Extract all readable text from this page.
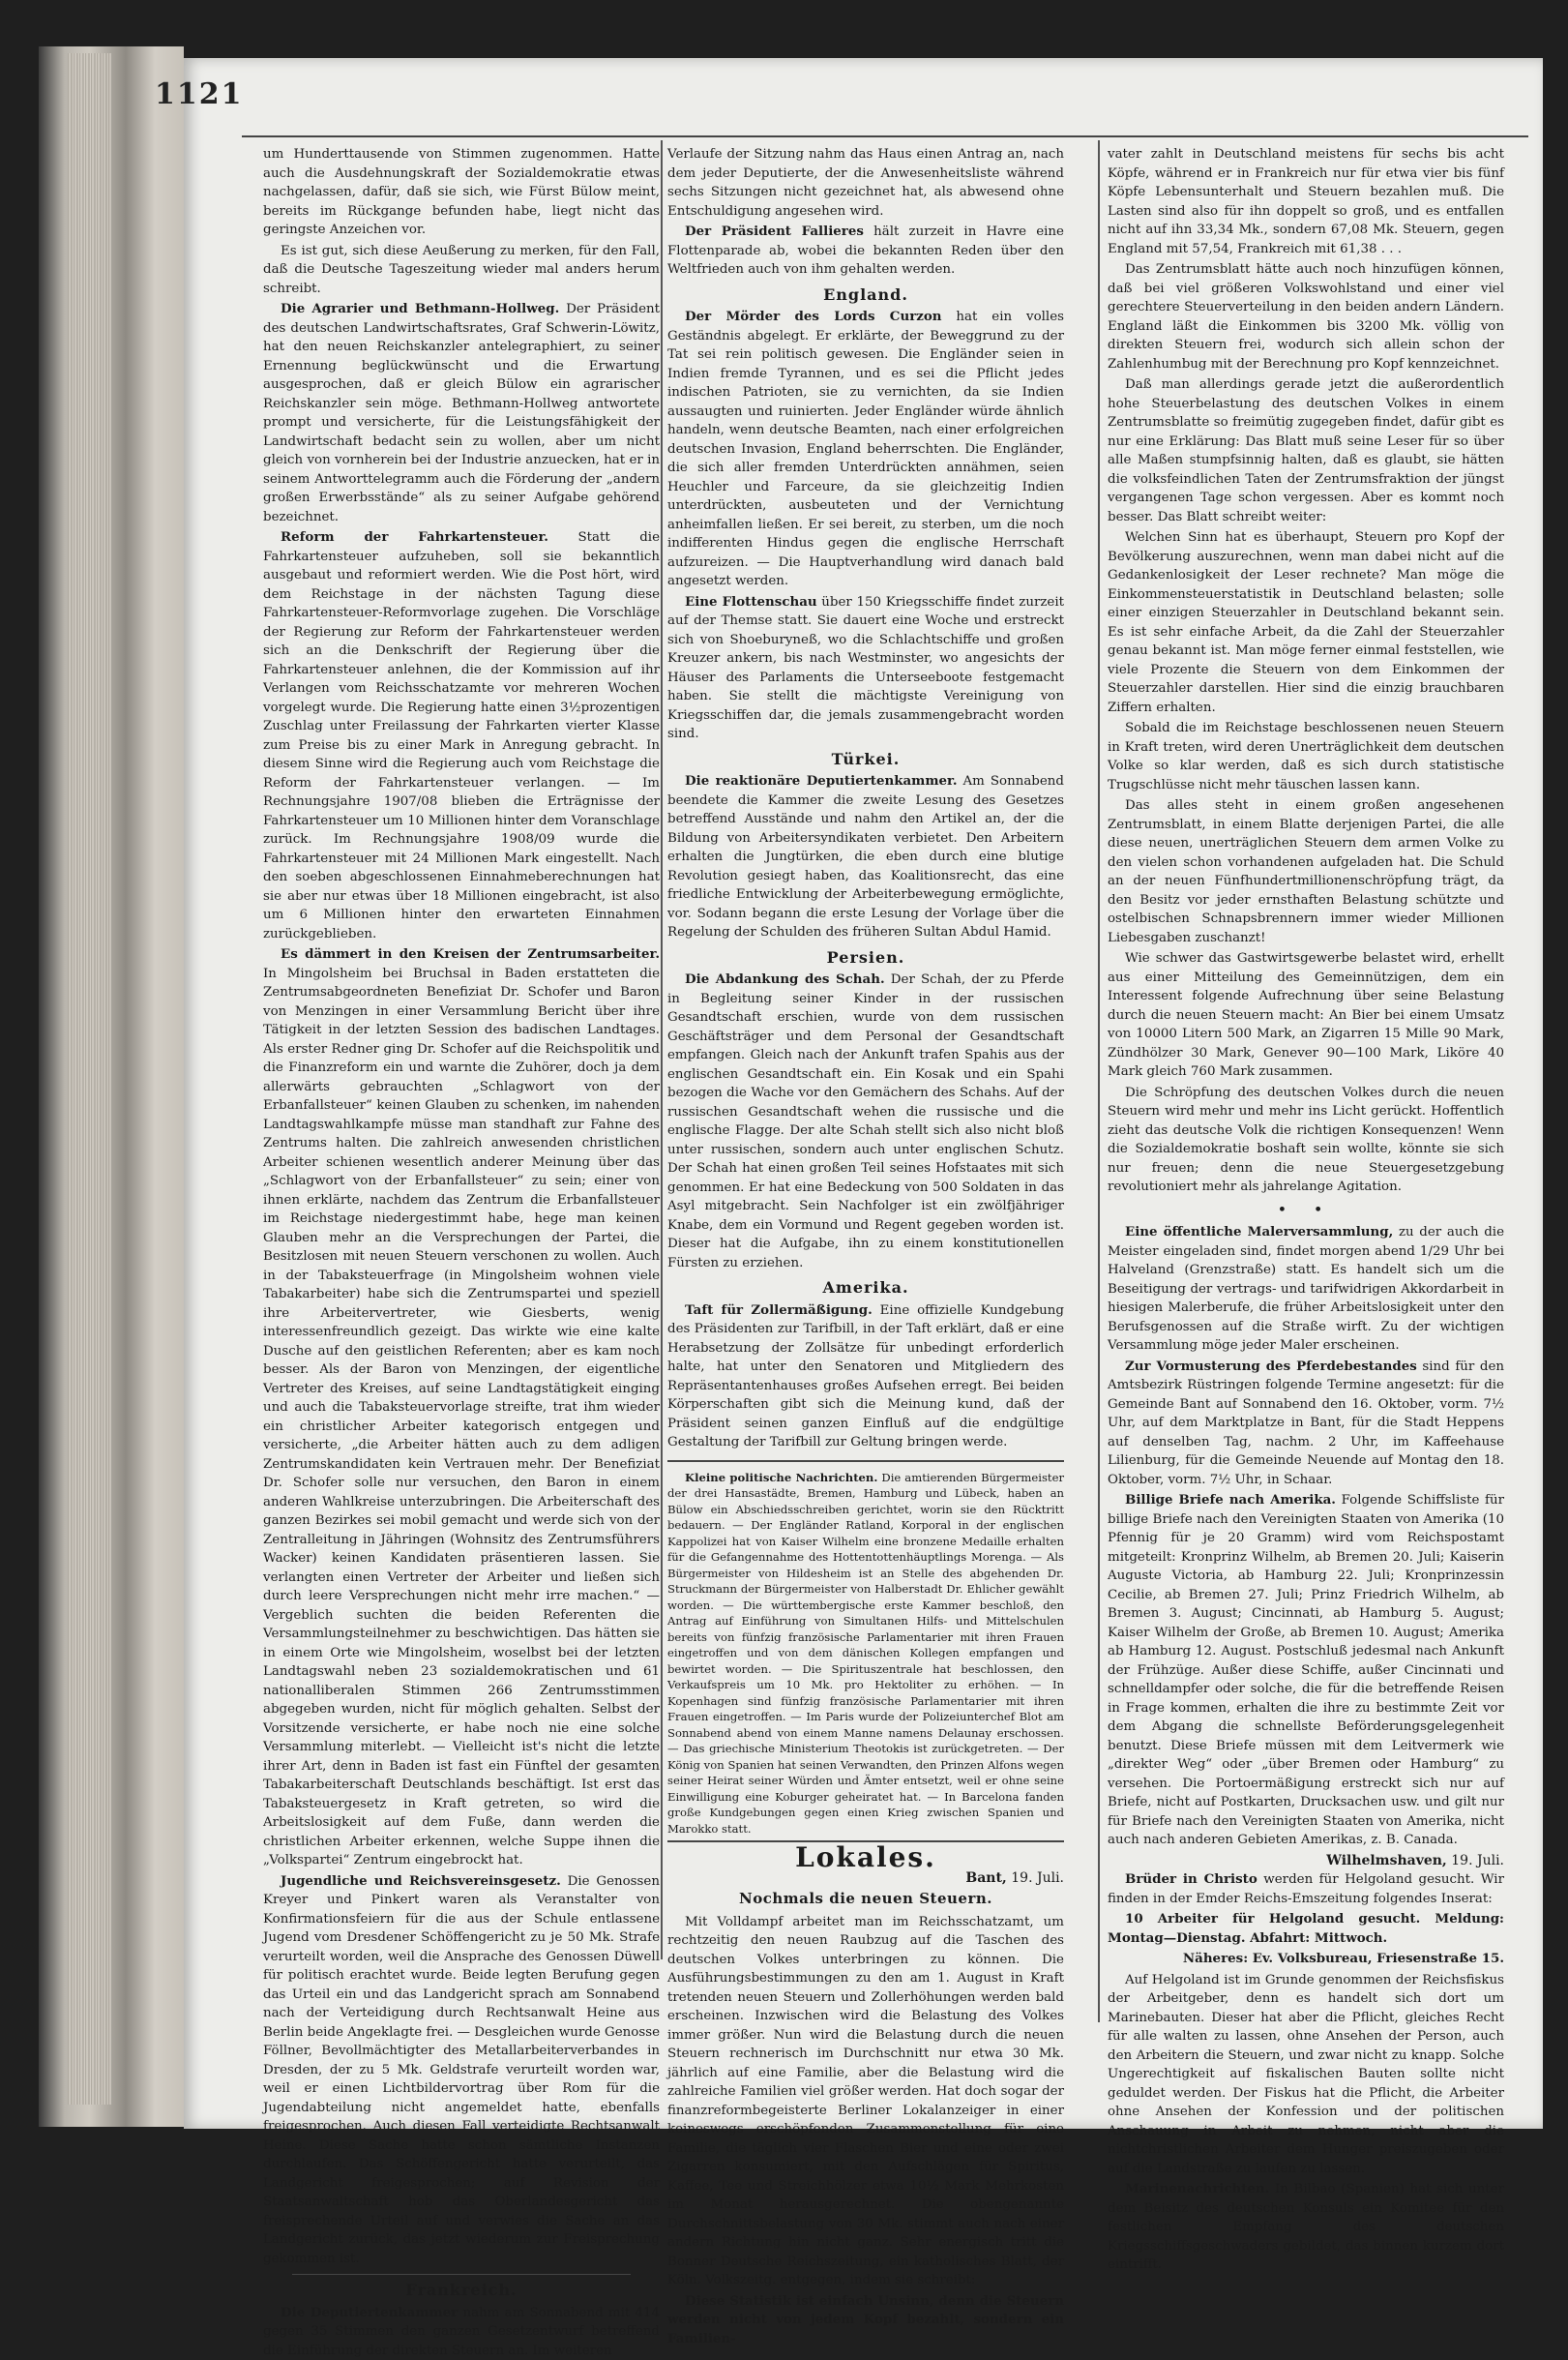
1121

um Hunderttausende von Stimmen zugenommen. Hatte auch die Ausdehnungskraft der Sozialdemokratie etwas nachgelassen, dafür, daß sie sich, wie Fürst Bülow meint, bereits im Rückgange befunden habe, liegt nicht das geringste Anzeichen vor.

Es ist gut, sich diese Aeußerung zu merken, für den Fall, daß die Deutsche Tageszeitung wieder mal anders herum schreibt.

Die Agrarier und Bethmann-Hollweg. Der Präsident des deutschen Landwirtschaftsrates, Graf Schwerin-Löwitz, hat den neuen Reichskanzler antelegraphiert, zu seiner Ernennung beglückwünscht und die Erwartung ausgesprochen, daß er gleich Bülow ein agrarischer Reichskanzler sein möge. Bethmann-Hollweg antwortete prompt und versicherte, für die Leistungsfähigkeit der Landwirtschaft bedacht sein zu wollen, aber um nicht gleich von vornherein bei der Industrie anzuecken, hat er in seinem Antworttelegramm auch die Förderung der „andern großen Erwerbsstände“ als zu seiner Aufgabe gehörend bezeichnet.

Reform der Fahrkartensteuer. Statt die Fahrkartensteuer aufzuheben, soll sie bekanntlich ausgebaut und reformiert werden. Wie die Post hört, wird dem Reichstage in der nächsten Tagung diese Fahrkartensteuer-Reformvorlage zugehen. Die Vorschläge der Regierung zur Reform der Fahrkartensteuer werden sich an die Denkschrift der Regierung über die Fahrkartensteuer anlehnen, die der Kommission auf ihr Verlangen vom Reichsschatzamte vor mehreren Wochen vorgelegt wurde. Die Regierung hatte einen 3½prozentigen Zuschlag unter Freilassung der Fahrkarten vierter Klasse zum Preise bis zu einer Mark in Anregung gebracht. In diesem Sinne wird die Regierung auch vom Reichstage die Reform der Fahrkartensteuer verlangen. — Im Rechnungsjahre 1907/08 blieben die Erträgnisse der Fahrkartensteuer um 10 Millionen hinter dem Voranschlage zurück. Im Rechnungsjahre 1908/09 wurde die Fahrkartensteuer mit 24 Millionen Mark eingestellt. Nach den soeben abgeschlossenen Einnahmeberechnungen hat sie aber nur etwas über 18 Millionen eingebracht, ist also um 6 Millionen hinter den erwarteten Einnahmen zurückgeblieben.

Es dämmert in den Kreisen der Zentrumsarbeiter. In Mingolsheim bei Bruchsal in Baden erstatteten die Zentrumsabgeordneten Benefiziat Dr. Schofer und Baron von Menzingen in einer Versammlung Bericht über ihre Tätigkeit in der letzten Session des badischen Landtages. Als erster Redner ging Dr. Schofer auf die Reichspolitik und die Finanzreform ein und warnte die Zuhörer, doch ja dem allerwärts gebrauchten „Schlagwort von der Erbanfallsteuer“ keinen Glauben zu schenken, im nahenden Landtagswahlkampfe müsse man standhaft zur Fahne des Zentrums halten. Die zahlreich anwesenden christlichen Arbeiter schienen wesentlich anderer Meinung über das „Schlagwort von der Erbanfallsteuer“ zu sein; einer von ihnen erklärte, nachdem das Zentrum die Erbanfallsteuer im Reichstage niedergestimmt habe, hege man keinen Glauben mehr an die Versprechungen der Partei, die Besitzlosen mit neuen Steuern verschonen zu wollen. Auch in der Tabaksteuerfrage (in Mingolsheim wohnen viele Tabakarbeiter) habe sich die Zentrumspartei und speziell ihre Arbeitervertreter, wie Giesberts, wenig interessenfreundlich gezeigt. Das wirkte wie eine kalte Dusche auf den geistlichen Referenten; aber es kam noch besser. Als der Baron von Menzingen, der eigentliche Vertreter des Kreises, auf seine Landtagstätigkeit einging und auch die Tabaksteuervorlage streifte, trat ihm wieder ein christlicher Arbeiter kategorisch entgegen und versicherte, „die Arbeiter hätten auch zu dem adligen Zentrumskandidaten kein Vertrauen mehr. Der Benefiziat Dr. Schofer solle nur versuchen, den Baron in einem anderen Wahlkreise unterzubringen. Die Arbeiterschaft des ganzen Bezirkes sei mobil gemacht und werde sich von der Zentralleitung in Jähringen (Wohnsitz des Zentrumsführers Wacker) keinen Kandidaten präsentieren lassen. Sie verlangten einen Vertreter der Arbeiter und ließen sich durch leere Versprechungen nicht mehr irre machen.“ — Vergeblich suchten die beiden Referenten die Versammlungsteilnehmer zu beschwichtigen. Das hätten sie in einem Orte wie Mingolsheim, woselbst bei der letzten Landtagswahl neben 23 sozialdemokratischen und 61 nationalliberalen Stimmen 266 Zentrumsstimmen abgegeben wurden, nicht für möglich gehalten. Selbst der Vorsitzende versicherte, er habe noch nie eine solche Versammlung miterlebt. — Vielleicht ist's nicht die letzte ihrer Art, denn in Baden ist fast ein Fünftel der gesamten Tabakarbeiterschaft Deutschlands beschäftigt. Ist erst das Tabaksteuergesetz in Kraft getreten, so wird die Arbeitslosigkeit auf dem Fuße, dann werden die christlichen Arbeiter erkennen, welche Suppe ihnen die „Volkspartei“ Zentrum eingebrockt hat.

Jugendliche und Reichsvereinsgesetz. Die Genossen Kreyer und Pinkert waren als Veranstalter von Konfirmationsfeiern für die aus der Schule entlassene Jugend vom Dresdener Schöffengericht zu je 50 Mk. Strafe verurteilt worden, weil die Ansprache des Genossen Düwell für politisch erachtet wurde. Beide legten Berufung gegen das Urteil ein und das Landgericht sprach am Sonnabend nach der Verteidigung durch Rechtsanwalt Heine aus Berlin beide Angeklagte frei. — Desgleichen wurde Genosse Föllner, Bevollmächtigter des Metallarbeiterverbandes in Dresden, der zu 5 Mk. Geldstrafe verurteilt worden war, weil er einen Lichtbildervortrag über Rom für die Jugendabteilung nicht angemeldet hatte, ebenfalls freigesprochen. Auch diesen Fall verteidigte Rechtsanwalt Heine. Diese Sache hatte schon sämtliche Instanzen durchlaufen. Das Schöffengericht hatte verurteilt, das Landgericht freigesprochen; auf Revision der Staatsanwaltschaft hob das Oberlandesgericht das freisprechende Urteil auf und verwies die Sache an das Landgericht zurück, das jetzt wiederum zur Freisprechung gekommen ist.

Frankreich.

Die Deputiertenkammer nahm am Sonnabend mit 414 gegen 35 Stimmen den ganzen Gesetzentwurf betreffend die Einführung der direkten Steuern an. Im weiteren

Verlaufe der Sitzung nahm das Haus einen Antrag an, nach dem jeder Deputierte, der die Anwesenheitsliste während sechs Sitzungen nicht gezeichnet hat, als abwesend ohne Entschuldigung angesehen wird.

Der Präsident Fallieres hält zurzeit in Havre eine Flottenparade ab, wobei die bekannten Reden über den Weltfrieden auch von ihm gehalten werden.

England.

Der Mörder des Lords Curzon hat ein volles Geständnis abgelegt. Er erklärte, der Beweggrund zu der Tat sei rein politisch gewesen. Die Engländer seien in Indien fremde Tyrannen, und es sei die Pflicht jedes indischen Patrioten, sie zu vernichten, da sie Indien aussaugten und ruinierten. Jeder Engländer würde ähnlich handeln, wenn deutsche Beamten, nach einer erfolgreichen deutschen Invasion, England beherrschten. Die Engländer, die sich aller fremden Unterdrückten annähmen, seien Heuchler und Farceure, da sie gleichzeitig Indien unterdrückten, ausbeuteten und der Vernichtung anheimfallen ließen. Er sei bereit, zu sterben, um die noch indifferenten Hindus gegen die englische Herrschaft aufzureizen. — Die Hauptverhandlung wird danach bald angesetzt werden.

Eine Flottenschau über 150 Kriegsschiffe findet zurzeit auf der Themse statt. Sie dauert eine Woche und erstreckt sich von Shoeburyneß, wo die Schlachtschiffe und großen Kreuzer ankern, bis nach Westminster, wo angesichts der Häuser des Parlaments die Unterseeboote festgemacht haben. Sie stellt die mächtigste Vereinigung von Kriegsschiffen dar, die jemals zusammengebracht worden sind.

Türkei.

Die reaktionäre Deputiertenkammer. Am Sonnabend beendete die Kammer die zweite Lesung des Gesetzes betreffend Ausstände und nahm den Artikel an, der die Bildung von Arbeitersyndikaten verbietet. Den Arbeitern erhalten die Jungtürken, die eben durch eine blutige Revolution gesiegt haben, das Koalitionsrecht, das eine friedliche Entwicklung der Arbeiterbewegung ermöglichte, vor. Sodann begann die erste Lesung der Vorlage über die Regelung der Schulden des früheren Sultan Abdul Hamid.

Persien.

Die Abdankung des Schah. Der Schah, der zu Pferde in Begleitung seiner Kinder in der russischen Gesandtschaft erschien, wurde von dem russischen Geschäftsträger und dem Personal der Gesandtschaft empfangen. Gleich nach der Ankunft trafen Spahis aus der englischen Gesandtschaft ein. Ein Kosak und ein Spahi bezogen die Wache vor den Gemächern des Schahs. Auf der russischen Gesandtschaft wehen die russische und die englische Flagge. Der alte Schah stellt sich also nicht bloß unter russischen, sondern auch unter englischen Schutz. Der Schah hat einen großen Teil seines Hofstaates mit sich genommen. Er hat eine Bedeckung von 500 Soldaten in das Asyl mitgebracht. Sein Nachfolger ist ein zwölfjähriger Knabe, dem ein Vormund und Regent gegeben worden ist. Dieser hat die Aufgabe, ihn zu einem konstitutionellen Fürsten zu erziehen.

Amerika.

Taft für Zollermäßigung. Eine offizielle Kundgebung des Präsidenten zur Tarifbill, in der Taft erklärt, daß er eine Herabsetzung der Zollsätze für unbedingt erforderlich halte, hat unter den Senatoren und Mitgliedern des Repräsentantenhauses großes Aufsehen erregt. Bei beiden Körperschaften gibt sich die Meinung kund, daß der Präsident seinen ganzen Einfluß auf die endgültige Gestaltung der Tarifbill zur Geltung bringen werde.

Kleine politische Nachrichten. Die amtierenden Bürgermeister der drei Hansastädte, Bremen, Hamburg und Lübeck, haben an Bülow ein Abschiedsschreiben gerichtet, worin sie den Rücktritt bedauern. — Der Engländer Ratland, Korporal in der englischen Kappolizei hat von Kaiser Wilhelm eine bronzene Medaille erhalten für die Gefangennahme des Hottentottenhäuptlings Morenga. — Als Bürgermeister von Hildesheim ist an Stelle des abgehenden Dr. Struckmann der Bürgermeister von Halberstadt Dr. Ehlicher gewählt worden. — Die württembergische erste Kammer beschloß, den Antrag auf Einführung von Simultanen Hilfs- und Mittelschulen bereits von fünfzig französische Parlamentarier mit ihren Frauen eingetroffen und von dem dänischen Kollegen empfangen und bewirtet worden. — Die Spirituszentrale hat beschlossen, den Verkaufspreis um 10 Mk. pro Hektoliter zu erhöhen. — In Kopenhagen sind fünfzig französische Parlamentarier mit ihren Frauen eingetroffen. — Im Paris wurde der Polizeiunterchef Blot am Sonnabend abend von einem Manne namens Delaunay erschossen. — Das griechische Ministerium Theotokis ist zurückgetreten. — Der König von Spanien hat seinen Verwandten, den Prinzen Alfons wegen seiner Heirat seiner Würden und Ämter entsetzt, weil er ohne seine Einwilligung eine Koburger geheiratet hat. — In Barcelona fanden große Kundgebungen gegen einen Krieg zwischen Spanien und Marokko statt.

Lokales.
Bant, 19. Juli.
Nochmals die neuen Steuern.

Mit Volldampf arbeitet man im Reichsschatzamt, um rechtzeitig den neuen Raubzug auf die Taschen des deutschen Volkes unterbringen zu können. Die Ausführungsbestimmungen zu den am 1. August in Kraft tretenden neuen Steuern und Zollerhöhungen werden bald erscheinen. Inzwischen wird die Belastung des Volkes immer größer. Nun wird die Belastung durch die neuen Steuern rechnerisch im Durchschnitt nur etwa 30 Mk. jährlich auf eine Familie, aber die Belastung wird die zahlreiche Familien viel größer werden. Hat doch sogar der finanzreformbegeisterte Berliner Lokalanzeiger in einer keineswegs erschöpfenden Zusammenstellung für eine Familie, die täglich vier Flaschen Bier und eine oder zwei Zigarren konsumiert, mit den Aufschlägen für Spiritus, Kaffee, Tee und Streichhölzer etwa 10½ Mark Mehrkosten im Monat herausgerechnet. Die obengenannte Durchschnittsbelastung von 30 Mk. stimmt auch nach einer andern Richtung hin nicht ganz. Sehr energisch tritt die Bonner Deutsche Reichszeitung, ein katholisches Blatt, der Köln. Volkszeitg. entgegen, indem sie schreibt:

Diese Statistik ist einfach Unsinn, denn die Steuern werden nicht von jedem Kopf bezahlt, sondern ein Familien-

vater zahlt in Deutschland meistens für sechs bis acht Köpfe, während er in Frankreich nur für etwa vier bis fünf Köpfe Lebensunterhalt und Steuern bezahlen muß. Die Lasten sind also für ihn doppelt so groß, und es entfallen nicht auf ihn 33,34 Mk., sondern 67,08 Mk. Steuern, gegen England mit 57,54, Frankreich mit 61,38 . . .

Das Zentrumsblatt hätte auch noch hinzufügen können, daß bei viel größeren Volkswohlstand und einer viel gerechtere Steuerverteilung in den beiden andern Ländern. England läßt die Einkommen bis 3200 Mk. völlig von direkten Steuern frei, wodurch sich allein schon der Zahlenhumbug mit der Berechnung pro Kopf kennzeichnet.

Daß man allerdings gerade jetzt die außerordentlich hohe Steuerbelastung des deutschen Volkes in einem Zentrumsblatte so freimütig zugegeben findet, dafür gibt es nur eine Erklärung: Das Blatt muß seine Leser für so über alle Maßen stumpfsinnig halten, daß es glaubt, sie hätten die volksfeindlichen Taten der Zentrumsfraktion der jüngst vergangenen Tage schon vergessen. Aber es kommt noch besser. Das Blatt schreibt weiter:

Welchen Sinn hat es überhaupt, Steuern pro Kopf der Bevölkerung auszurechnen, wenn man dabei nicht auf die Gedankenlosigkeit der Leser rechnete? Man möge die Einkommensteuerstatistik in Deutschland belasten; solle einer einzigen Steuerzahler in Deutschland bekannt sein. Es ist sehr einfache Arbeit, da die Zahl der Steuerzahler genau bekannt ist. Man möge ferner einmal feststellen, wie viele Prozente die Steuern von dem Einkommen der Steuerzahler darstellen. Hier sind die einzig brauchbaren Ziffern erhalten.

Sobald die im Reichstage beschlossenen neuen Steuern in Kraft treten, wird deren Unerträglichkeit dem deutschen Volke so klar werden, daß es sich durch statistische Trugschlüsse nicht mehr täuschen lassen kann.

Das alles steht in einem großen angesehenen Zentrumsblatt, in einem Blatte derjenigen Partei, die alle diese neuen, unerträglichen Steuern dem armen Volke zu den vielen schon vorhandenen aufgeladen hat. Die Schuld an der neuen Fünfhundertmillionenschröpfung trägt, da den Besitz vor jeder ernsthaften Belastung schützte und ostelbischen Schnapsbrennern immer wieder Millionen Liebesgaben zuschanzt!

Wie schwer das Gastwirtsgewerbe belastet wird, erhellt aus einer Mitteilung des Gemeinnützigen, dem ein Interessent folgende Aufrechnung über seine Belastung durch die neuen Steuern macht: An Bier bei einem Umsatz von 10000 Litern 500 Mark, an Zigarren 15 Mille 90 Mark, Zündhölzer 30 Mark, Genever 90—100 Mark, Liköre 40 Mark gleich 760 Mark zusammen.

Die Schröpfung des deutschen Volkes durch die neuen Steuern wird mehr und mehr ins Licht gerückt. Hoffentlich zieht das deutsche Volk die richtigen Konsequenzen! Wenn die Sozialdemokratie boshaft sein wollte, könnte sie sich nur freuen; denn die neue Steuergesetzgebung revolutioniert mehr als jahrelange Agitation.

• •

Eine öffentliche Malerversammlung, zu der auch die Meister eingeladen sind, findet morgen abend 1/29 Uhr bei Halveland (Grenzstraße) statt. Es handelt sich um die Beseitigung der vertrags- und tarifwidrigen Akkordarbeit in hiesigen Malerberufe, die früher Arbeitslosigkeit unter den Berufsgenossen auf die Straße wirft. Zu der wichtigen Versammlung möge jeder Maler erscheinen.

Zur Vormusterung des Pferdebestandes sind für den Amtsbezirk Rüstringen folgende Termine angesetzt: für die Gemeinde Bant auf Sonnabend den 16. Oktober, vorm. 7½ Uhr, auf dem Marktplatze in Bant, für die Stadt Heppens auf denselben Tag, nachm. 2 Uhr, im Kaffeehause Lilienburg, für die Gemeinde Neuende auf Montag den 18. Oktober, vorm. 7½ Uhr, in Schaar.

Billige Briefe nach Amerika. Folgende Schiffsliste für billige Briefe nach den Vereinigten Staaten von Amerika (10 Pfennig für je 20 Gramm) wird vom Reichspostamt mitgeteilt: Kronprinz Wilhelm, ab Bremen 20. Juli; Kaiserin Auguste Victoria, ab Hamburg 22. Juli; Kronprinzessin Cecilie, ab Bremen 27. Juli; Prinz Friedrich Wilhelm, ab Bremen 3. August; Cincinnati, ab Hamburg 5. August; Kaiser Wilhelm der Große, ab Bremen 10. August; Amerika ab Hamburg 12. August. Postschluß jedesmal nach Ankunft der Frühzüge. Außer diese Schiffe, außer Cincinnati und schnelldampfer oder solche, die für die betreffende Reisen in Frage kommen, erhalten die ihre zu bestimmte Zeit vor dem Abgang die schnellste Beförderungsgelegenheit benutzt. Diese Briefe müssen mit dem Leitvermerk wie „direkter Weg“ oder „über Bremen oder Hamburg“ zu versehen. Die Portoermäßigung erstreckt sich nur auf Briefe, nicht auf Postkarten, Drucksachen usw. und gilt nur für Briefe nach den Vereinigten Staaten von Amerika, nicht auch nach anderen Gebieten Amerikas, z. B. Canada.

Wilhelmshaven, 19. Juli.

Brüder in Christo werden für Helgoland gesucht. Wir finden in der Emder Reichs-Emszeitung folgendes Inserat:

10 Arbeiter für Helgoland gesucht. Meldung: Montag—Dienstag. Abfahrt: Mittwoch.

Näheres: Ev. Volksbureau, Friesenstraße 15.

Auf Helgoland ist im Grunde genommen der Reichsfiskus der Arbeitgeber, denn es handelt sich dort um Marinebauten. Dieser hat aber die Pflicht, gleiches Recht für alle walten zu lassen, ohne Ansehen der Person, auch den Arbeitern die Steuern, und zwar nicht zu knapp. Solche Ungerechtigkeit auf fiskalischen Bauten sollte nicht geduldet werden. Der Fiskus hat die Pflicht, die Arbeiter ohne Ansehen der Konfession und der politischen Anschauung in Arbeit zu nehmen, nicht aber die nichtchristlichen Arbeiter dem Hunger preiszugeben oder auf die Landstraße zu laufen zu lassen.

Marinenachrichten. In Bilbao (Spanien) hat sich unter dem Beisitz des deutschen Konsuls ein Komitee für den festlichen Empfang des deutschen Kriegsschiffsgeschwaders gebildet, das binnen kurzem dort eintrifft.
